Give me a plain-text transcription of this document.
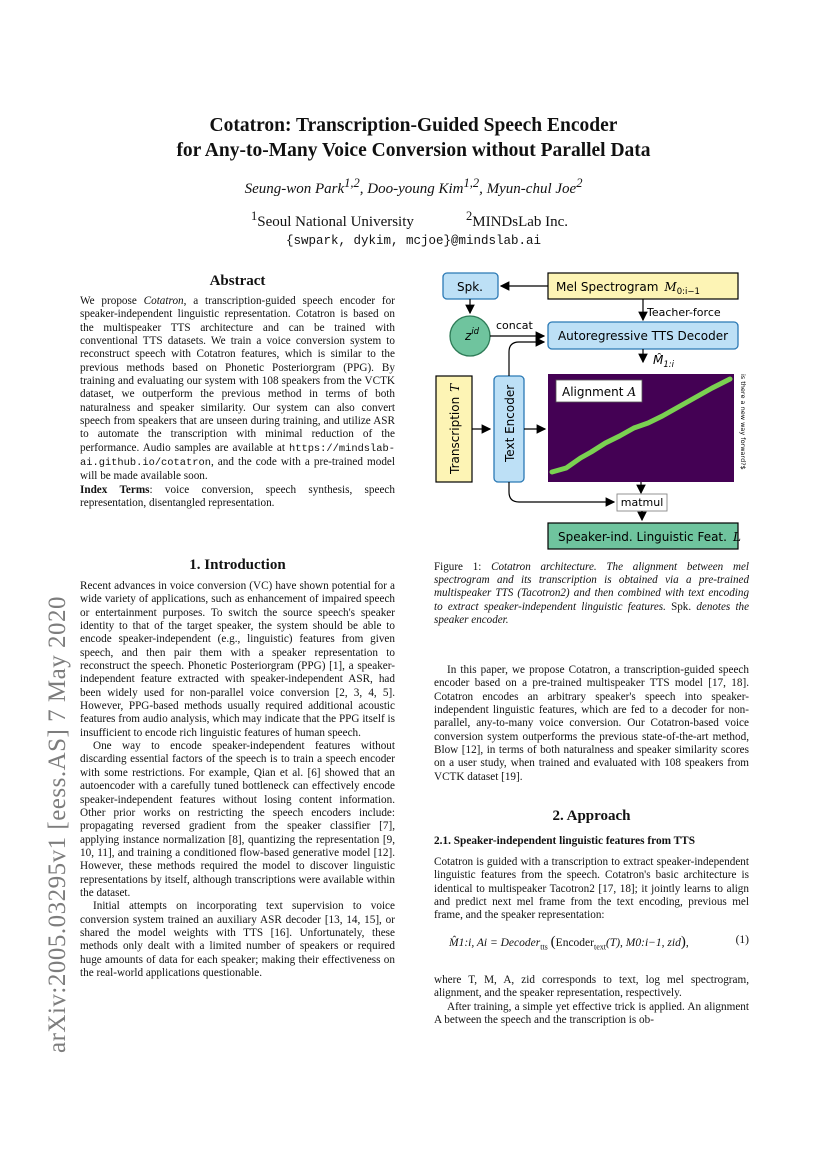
arXiv:2005.03295v1 [eess.AS] 7 May 2020
Cotatron: Transcription-Guided Speech Encoder
for Any-to-Many Voice Conversion without Parallel Data
Seung-won Park$^{1,2}$, Doo-young Kim$^{1,2}$, Myun-chul Joe$^2$
$^1$Seoul National University	$^2$MINDsLab Inc.
{swpark, dykim, mcjoe}@mindslab.ai
Abstract

We propose Cotatron, a transcription-guided speech encoder for speaker-independent linguistic representation. Cotatron is based on the multispeaker TTS architecture and can be trained with conventional TTS datasets. We train a voice conversion system to reconstruct speech with Cotatron features, which is similar to the previous methods based on Phonetic Posteriorgram (PPG). By training and evaluating our system with 108 speakers from the VCTK dataset, we outperform the previous method in terms of both naturalness and speaker similarity. Our system can also convert speech from speakers that are unseen during training, and utilize ASR to automate the transcription with minimal reduction of the performance. Audio samples are available at https://mindslab-ai.github.io/cotatron, and the code with a pre-trained model will be made available soon.

Index Terms: voice conversion, speech synthesis, speech representation, disentangled representation.

1. Introduction

Recent advances in voice conversion (VC) have shown potential for a wide variety of applications, such as enhancement of impaired speech or entertainment purposes. To switch the source speech's speaker identity to that of the target speaker, the system should be able to encode speaker-independent (e.g., linguistic) features from given speech, and then pair them with a speaker representation to reconstruct the speech. Phonetic Posteriorgram (PPG) [1], a speaker-independent feature extracted with speaker-independent ASR, had been widely used for non-parallel voice conversion [2, 3, 4, 5]. However, PPG-based methods usually required additional acoustic features from audio analysis, which may indicate that the PPG itself is insufficient to encode rich linguistic features of human speech.

One way to encode speaker-independent features without discarding essential factors of the speech is to train a speech encoder with some restrictions. For example, Qian et al. [6] showed that an autoencoder with a carefully tuned bottleneck can effectively encode speaker-independent features without losing content information. Other prior works on restricting the speech encoders include: propagating reversed gradient from the speaker classifier [7], applying instance normalization [8], quantizing the representation [9, 10, 11], and training a conditioned flow-based generative model [12]. However, these methods required the model to discover linguistic representations by itself, although transcriptions were available within the dataset.

Initial attempts on incorporating text supervision to voice conversion system trained an auxiliary ASR decoder [13, 14, 15], or shared the model weights with TTS [16]. Unfortunately, these methods only dealt with a limited number of speakers or required huge amounts of data for each speaker; making their effectiveness on the real-world applications questionable.

Spk.	Mel Spectrogram $M_{0:i-1}$
Teacher-force
$z^{id}$ concat
Autoregressive TTS Decoder
$M̂_{1:i}$
TranscriptionT	Text Encoder	Alignment A	is there a new way forward?$
matmul
Speaker-ind. Linguistic Feat. L
Figure 1: Cotatron architecture. The alignment between mel spectrogram and its transcription is obtained via a pre-trained multispeaker TTS (Tacotron2) and then combined with text encoding to extract speaker-independent linguistic features. Spk. denotes the speaker encoder.

In this paper, we propose Cotatron, a transcription-guided speech encoder based on a pre-trained multispeaker TTS model [17, 18]. Cotatron encodes an arbitrary speaker's speech into speaker-independent linguistic features, which are fed to a decoder for non-parallel, any-to-many voice conversion. Our Cotatron-based voice conversion system outperforms the previous state-of-the-art method, Blow [12], in terms of both naturalness and speaker similarity scores on a user study, when trained and evaluated with 108 speakers from VCTK dataset [19].

2. Approach
2.1. Speaker-independent linguistic features from TTS
Cotatron is guided with a transcription to extract speaker-independent linguistic features from the speech. Cotatron's basic architecture is identical to multispeaker Tacotron2 [17, 18]; it jointly learns to align and predict next mel frame from the text encoding, previous mel frame, and the speaker representation:
M̂1:i, Ai = Decoder$_{tts}$ (Encoder$_{text}$(T), M0:i−1, zid),	(1)

where T, M, A, zid corresponds to text, log mel spectrogram, alignment, and the speaker representation, respectively.

After training, a simple yet effective trick is applied. An alignment A between the speech and the transcription is ob-
